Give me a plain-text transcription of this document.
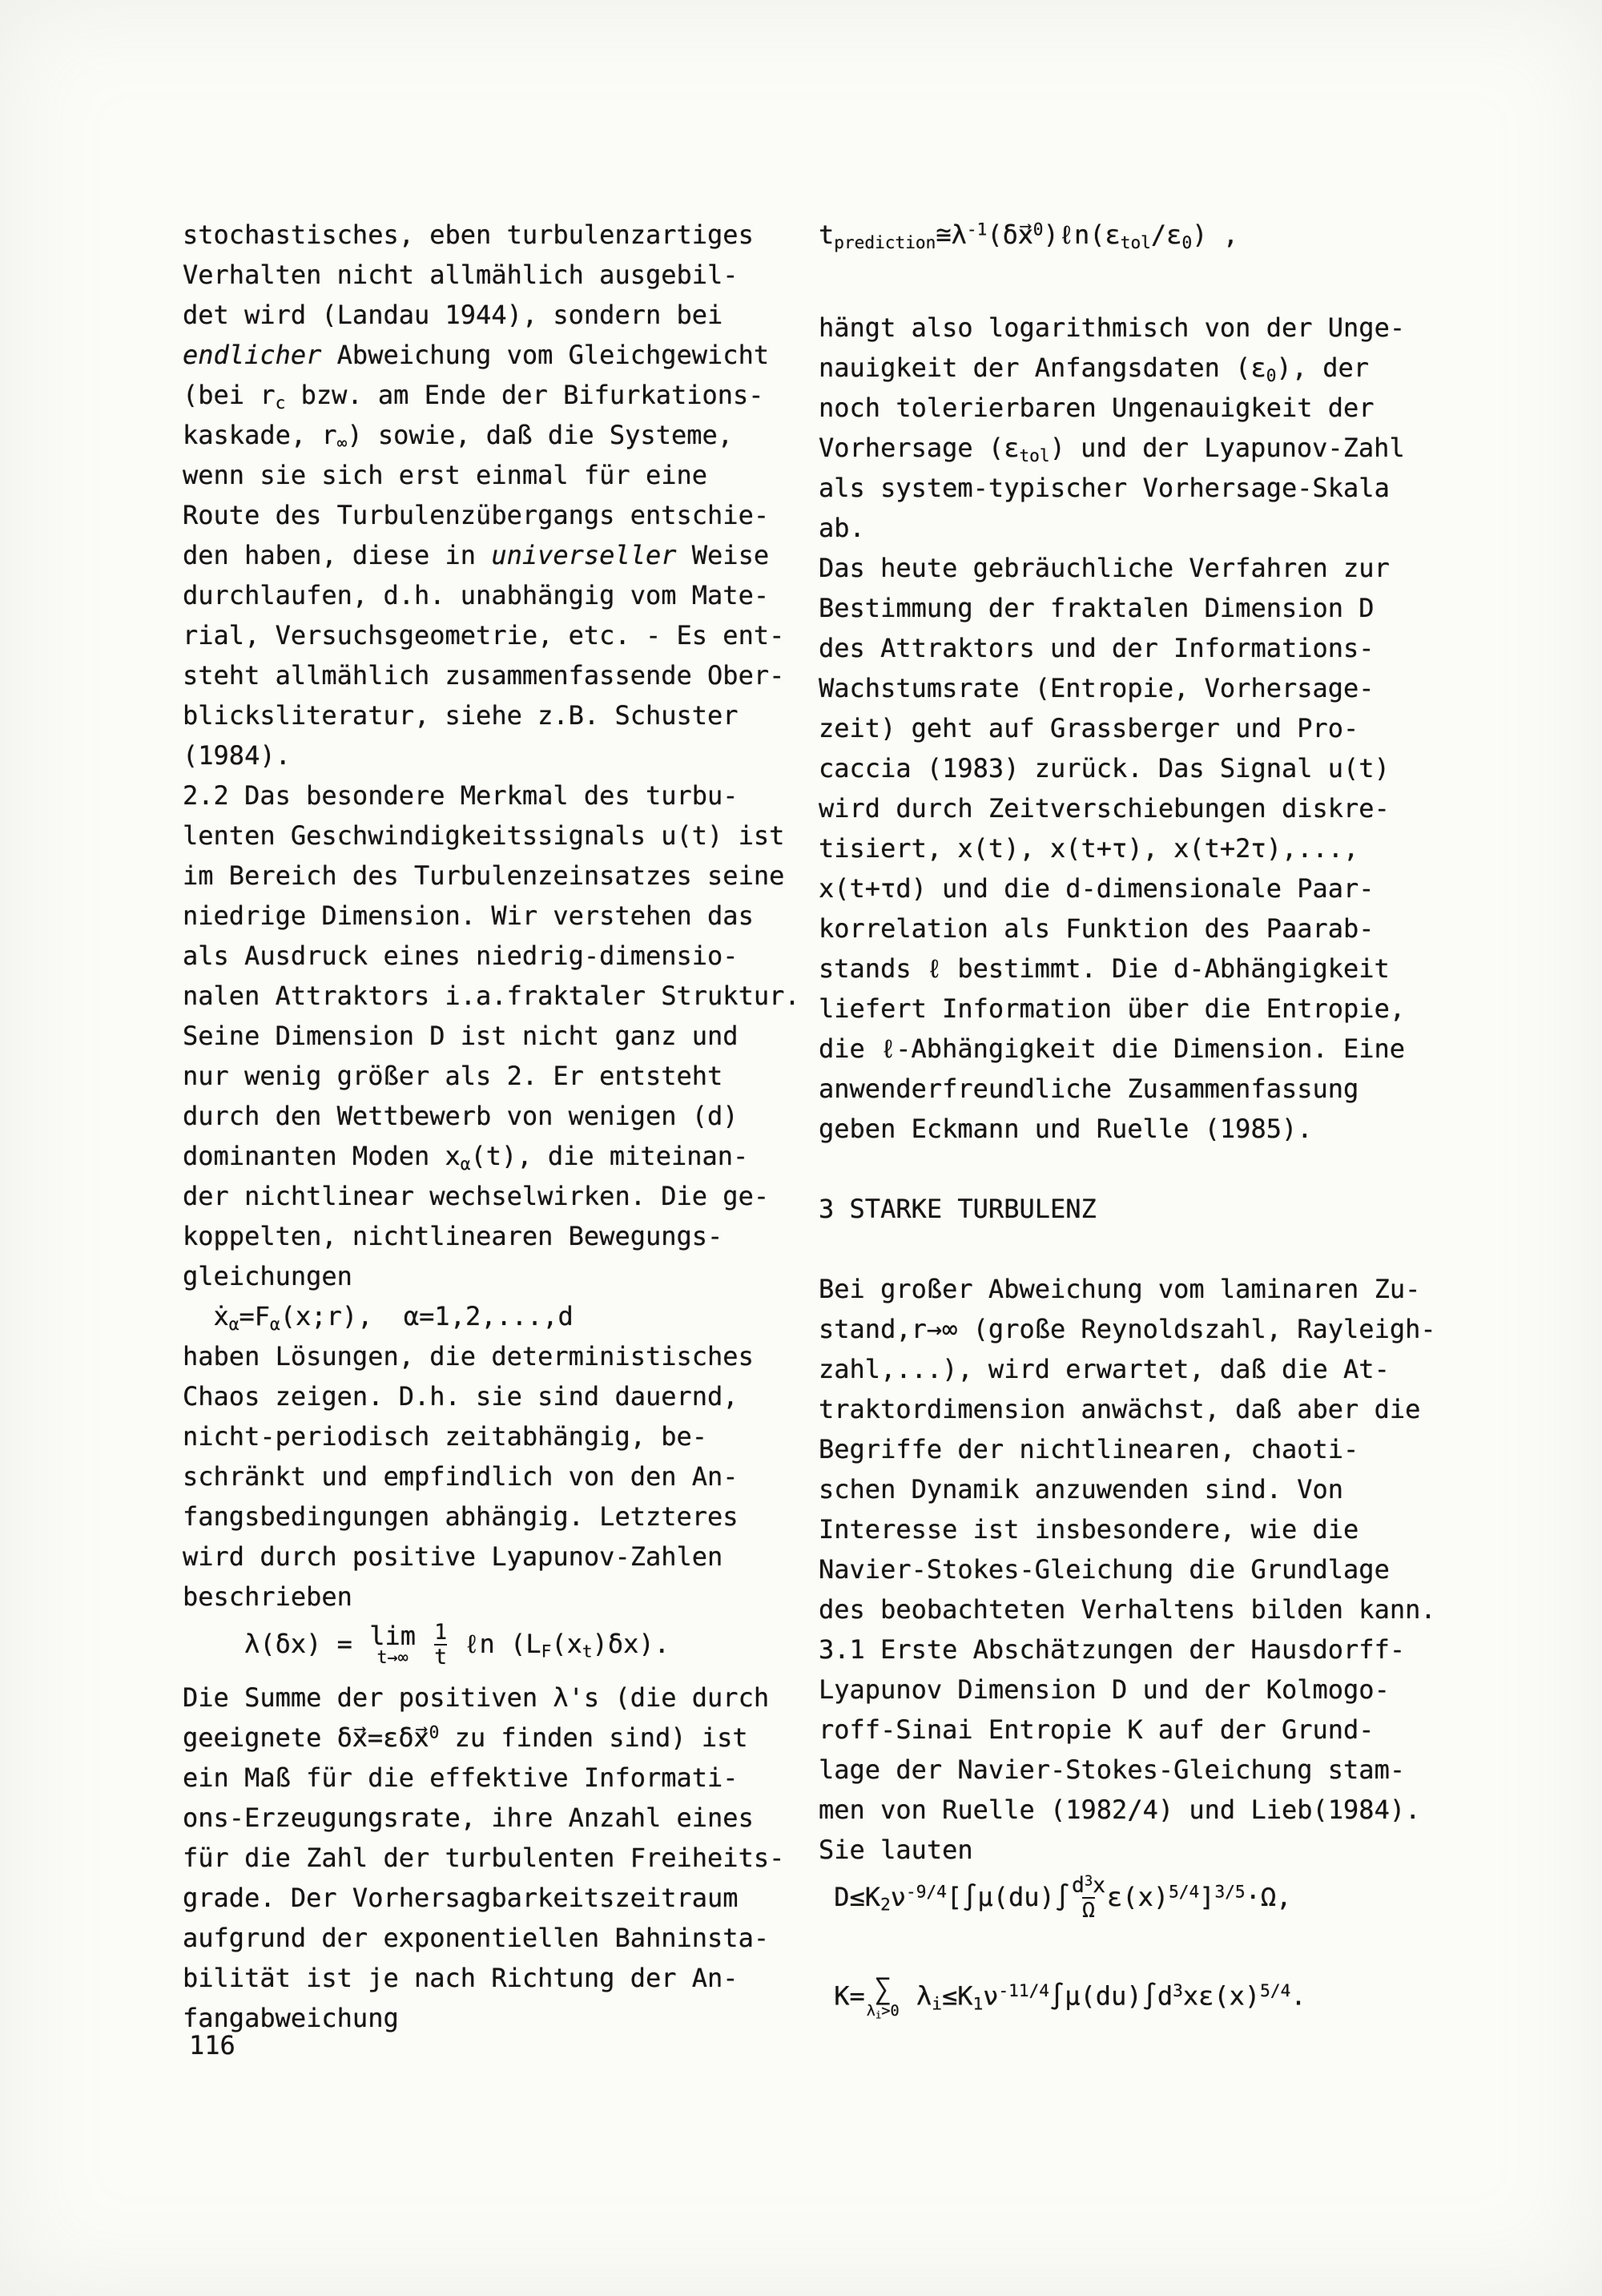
stochastisches, eben turbulenzartiges
Verhalten nicht allmählich ausgebil-
det wird (Landau 1944), sondern bei
endlicher Abweichung vom Gleichgewicht
(bei $r_c$ bzw. am Ende der Bifurkations-
kaskade, $r_\infty$) sowie, daß die Systeme,
wenn sie sich erst einmal für eine
Route des Turbulenzübergangs entschie-
den haben, diese in universeller Weise
durchlaufen, d.h. unabhängig vom Mate-
rial, Versuchsgeometrie, etc. - Es ent-
steht allmählich zusammenfassende Ober-
blicksliteratur, siehe z.B. Schuster
(1984).
2.2 Das besondere Merkmal des turbu-
lenten Geschwindigkeitssignals u(t) ist
im Bereich des Turbulenzeinsatzes seine
niedrige Dimension. Wir verstehen das
als Ausdruck eines niedrig-dimensio-
nalen Attraktors i.a.fraktaler Struktur.
Seine Dimension D ist nicht ganz und
nur wenig größer als 2. Er entsteht
durch den Wettbewerb von wenigen (d)
dominanten Moden $x_\alpha(t)$, die miteinan-
der nichtlinear wechselwirken. Die ge-
koppelten, nichtlinearen Bewegungs-
gleichungen
$ẋ_\alpha=F_\alpha(x;r)$,  α=1,2,...,d
haben Lösungen, die deterministisches
Chaos zeigen. D.h. sie sind dauernd,
nicht-periodisch zeitabhängig, be-
schränkt und empfindlich von den An-
fangsbedingungen abhängig. Letzteres
wird durch positive Lyapunov-Zahlen
beschrieben
λ(δx) = lim
t→∞
$\frac{1}{t}$ ℓn $(L_F(x_t)\delta x)$.
Die Summe der positiven λ's (die durch
geeignete δx⃗=εδx⃗$^0$ zu finden sind) ist
ein Maß für die effektive Informati-
ons-Erzeugungsrate, ihre Anzahl eines
für die Zahl der turbulenten Freiheits-
grade. Der Vorhersagbarkeitszeitraum
aufgrund der exponentiellen Bahninsta-
bilität ist je nach Richtung der An-
fangabweichung
$t_{prediction}≅\lambda^{-1}(\delta x⃗^0)\ell n(\varepsilon_{tol}/\varepsilon_0)$ ,
hängt also logarithmisch von der Unge-
nauigkeit der Anfangsdaten $(\varepsilon_0)$, der
noch tolerierbaren Ungenauigkeit der
Vorhersage $(\varepsilon_{tol})$ und der Lyapunov-Zahl
als system-typischer Vorhersage-Skala
ab.
Das heute gebräuchliche Verfahren zur
Bestimmung der fraktalen Dimension D
des Attraktors und der Informations-
Wachstumsrate (Entropie, Vorhersage-
zeit) geht auf Grassberger und Pro-
caccia (1983) zurück. Das Signal u(t)
wird durch Zeitverschiebungen diskre-
tisiert, x(t), x(t+τ), x(t+2τ),...,
x(t+τd) und die d-dimensionale Paar-
korrelation als Funktion des Paarab-
stands ℓ bestimmt. Die d-Abhängigkeit
liefert Information über die Entropie,
die ℓ-Abhängigkeit die Dimension. Eine
anwenderfreundliche Zusammenfassung
geben Eckmann und Ruelle (1985).
3 STARKE TURBULENZ
Bei großer Abweichung vom laminaren Zu-
stand,r→∞ (große Reynoldszahl, Rayleigh-
zahl,...), wird erwartet, daß die At-
traktordimension anwächst, daß aber die
Begriffe der nichtlinearen, chaoti-
schen Dynamik anzuwenden sind. Von
Interesse ist insbesondere, wie die
Navier-Stokes-Gleichung die Grundlage
des beobachteten Verhaltens bilden kann.
3.1 Erste Abschätzungen der Hausdorff-
Lyapunov Dimension D und der Kolmogo-
roff-Sinai Entropie K auf der Grund-
lage der Navier-Stokes-Gleichung stam-
men von Ruelle (1982/4) und Lieb(1984).
Sie lauten
$D\le K_2\nu^{-9/4}[\int\mu(du)\int \frac{d^3x}{\Omega} \varepsilon(x)^{5/4}]^{3/5}\cdot\Omega$,
K= ∑
$\lambda_i>0$
$\lambda_i\le K_1\nu^{-11/4}\int\mu(du)\int d^3x\varepsilon(x)^{5/4}$.
116
